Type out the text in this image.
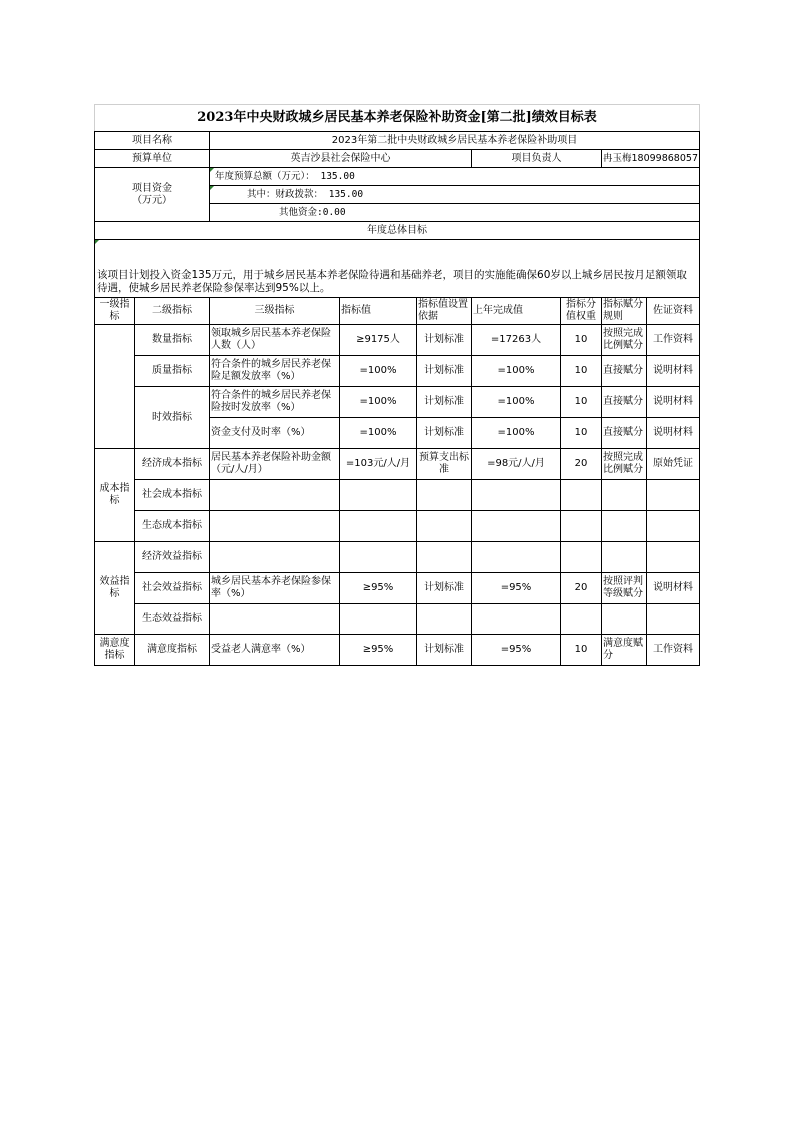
2023年中央财政城乡居民基本养老保险补助资金[第二批]绩效目标表								
项目名称		2023年第二批中央财政城乡居民基本养老保险补助项目						
预算单位		英吉沙县社会保险中心			项目负责人		冉玉梅18099868057	
项目资金
（万元）		年度预算总额（万元）： 135.00						
		其中：财政拨款： 135.00						
		其他资金:0.00						
年度总体目标								
该项目计划投入资金135万元，用于城乡居民基本养老保险待遇和基础养老，项目的实施能确保60岁以上城乡居民按月足额领取待遇，使城乡居民养老保险参保率达到95%以上。								
一级指标	二级指标	三级指标	指标值	指标值设置依据	上年完成值	指标分值权重	指标赋分规则	佐证资料
	数量指标	领取城乡居民基本养老保险人数（人）	≥9175人	计划标准	=17263人	10	按照完成比例赋分	工作资料
	质量指标	符合条件的城乡居民养老保险足额发放率（%）	=100%	计划标准	=100%	10	直接赋分	说明材料
	时效指标	符合条件的城乡居民养老保险按时发放率（%）	=100%	计划标准	=100%	10	直接赋分	说明材料
		资金支付及时率（%）	=100%	计划标准	=100%	10	直接赋分	说明材料
成本指标	经济成本指标	居民基本养老保险补助金额（元/人/月）	=103元/人/月	预算支出标准	=98元/人/月	20	按照完成比例赋分	原始凭证
	社会成本指标							
	生态成本指标							
效益指标	经济效益指标							
	社会效益指标	城乡居民基本养老保险参保率（%）	≥95%	计划标准	=95%	20	按照评判等级赋分	说明材料
	生态效益指标							
满意度指标	满意度指标	受益老人满意率（%）	≥95%	计划标准	=95%	10	满意度赋分	工作资料
